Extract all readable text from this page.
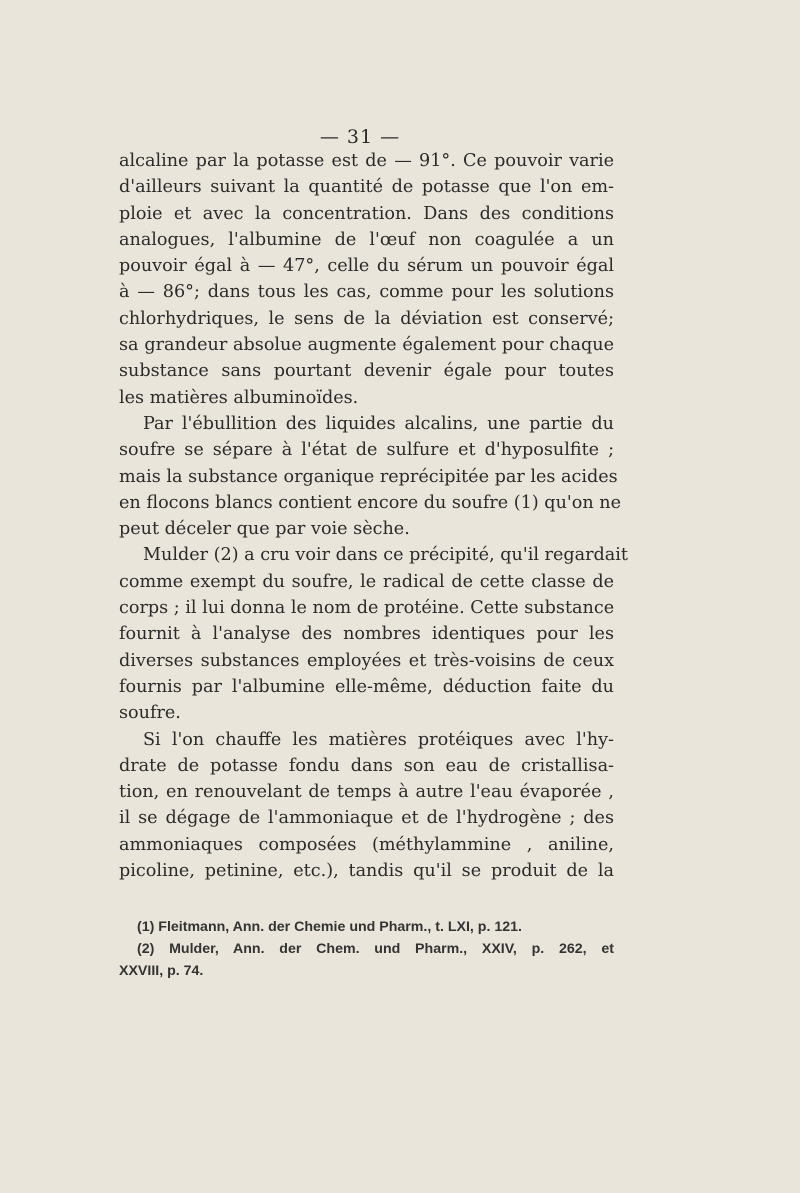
— 31 —
alcaline par la potasse est de — 91°. Ce pouvoir varie
d'ailleurs suivant la quantité de potasse que l'on em-
ploie et avec la concentration. Dans des conditions
analogues, l'albumine de l'œuf non coagulée a un
pouvoir égal à — 47°, celle du sérum un pouvoir égal
à — 86°; dans tous les cas, comme pour les solutions
chlorhydriques, le sens de la déviation est conservé;
sa grandeur absolue augmente également pour chaque
substance sans pourtant devenir égale pour toutes
les matières albuminoïdes.
Par l'ébullition des liquides alcalins, une partie du
soufre se sépare à l'état de sulfure et d'hyposulfite ;
mais la substance organique reprécipitée par les acides
en flocons blancs contient encore du soufre (1) qu'on ne
peut déceler que par voie sèche.
Mulder (2) a cru voir dans ce précipité, qu'il regardait
comme exempt du soufre, le radical de cette classe de
corps ; il lui donna le nom de protéine. Cette substance
fournit à l'analyse des nombres identiques pour les
diverses substances employées et très-voisins de ceux
fournis par l'albumine elle-même, déduction faite du
soufre.
Si l'on chauffe les matières protéiques avec l'hy-
drate de potasse fondu dans son eau de cristallisa-
tion, en renouvelant de temps à autre l'eau évaporée ,
il se dégage de l'ammoniaque et de l'hydrogène ; des
ammoniaques composées (méthylammine , aniline,
picoline, petinine, etc.), tandis qu'il se produit de la
(1) Fleitmann, Ann. der Chemie und Pharm., t. LXI, p. 121.
(2) Mulder, Ann. der Chem. und Pharm., XXIV, p. 262, et
XXVIII, p. 74.
